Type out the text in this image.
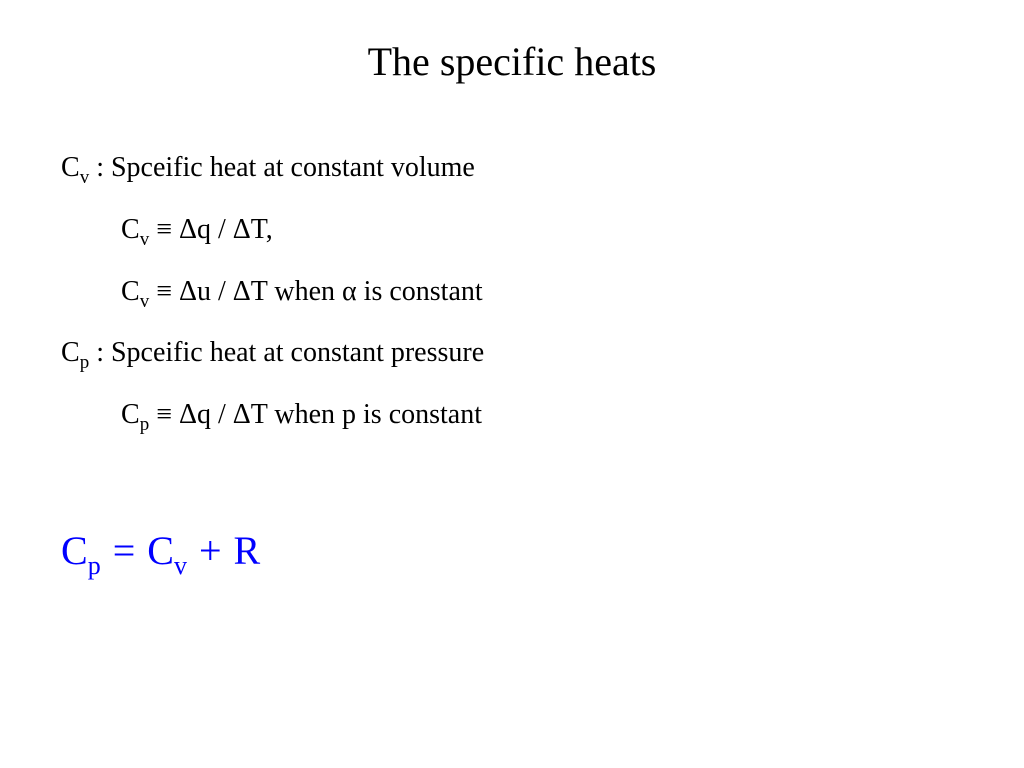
The specific heats
$C_v$ : Spceific heat at constant volume
$C_v \equiv \Delta q / \Delta T$,
$C_v \equiv \Delta u / \Delta T$ when α is constant
$C_p$ : Spceific heat at constant pressure
$C_p \equiv \Delta q / \Delta T$ when p is constant
$C_p = C_v + R$
